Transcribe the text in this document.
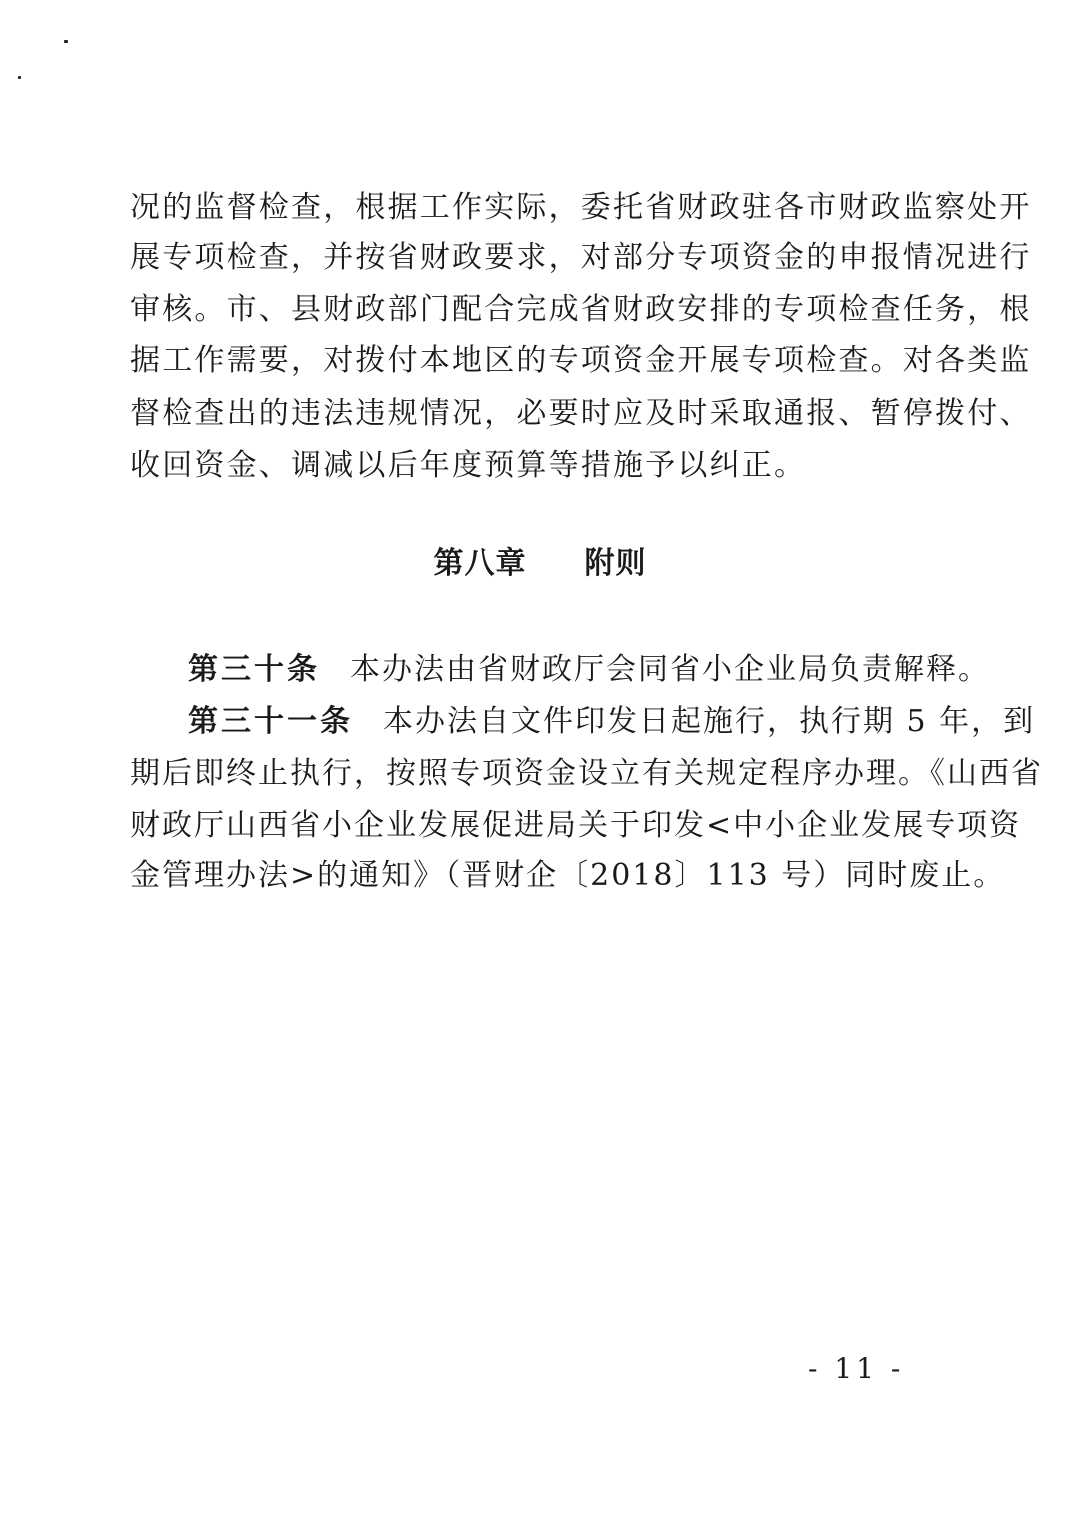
况的监督检查，根据工作实际，委托省财政驻各市财政监察处开
展专项检查，并按省财政要求，对部分专项资金的申报情况进行
审核。市、县财政部门配合完成省财政安排的专项检查任务，根
据工作需要，对拨付本地区的专项资金开展专项检查。对各类监
督检查出的违法违规情况，必要时应及时采取通报、暂停拨付、
收回资金、调减以后年度预算等措施予以纠正。
第八章 附则
第三十条 本办法由省财政厅会同省小企业局负责解释。
第三十一条 本办法自文件印发日起施行，执行期 5 年，到
期后即终止执行，按照专项资金设立有关规定程序办理。《山西省
财政厅山西省小企业发展促进局关于印发<中小企业发展专项资
金管理办法>的通知》（晋财企〔2018〕113 号）同时废止。
- 11 -
